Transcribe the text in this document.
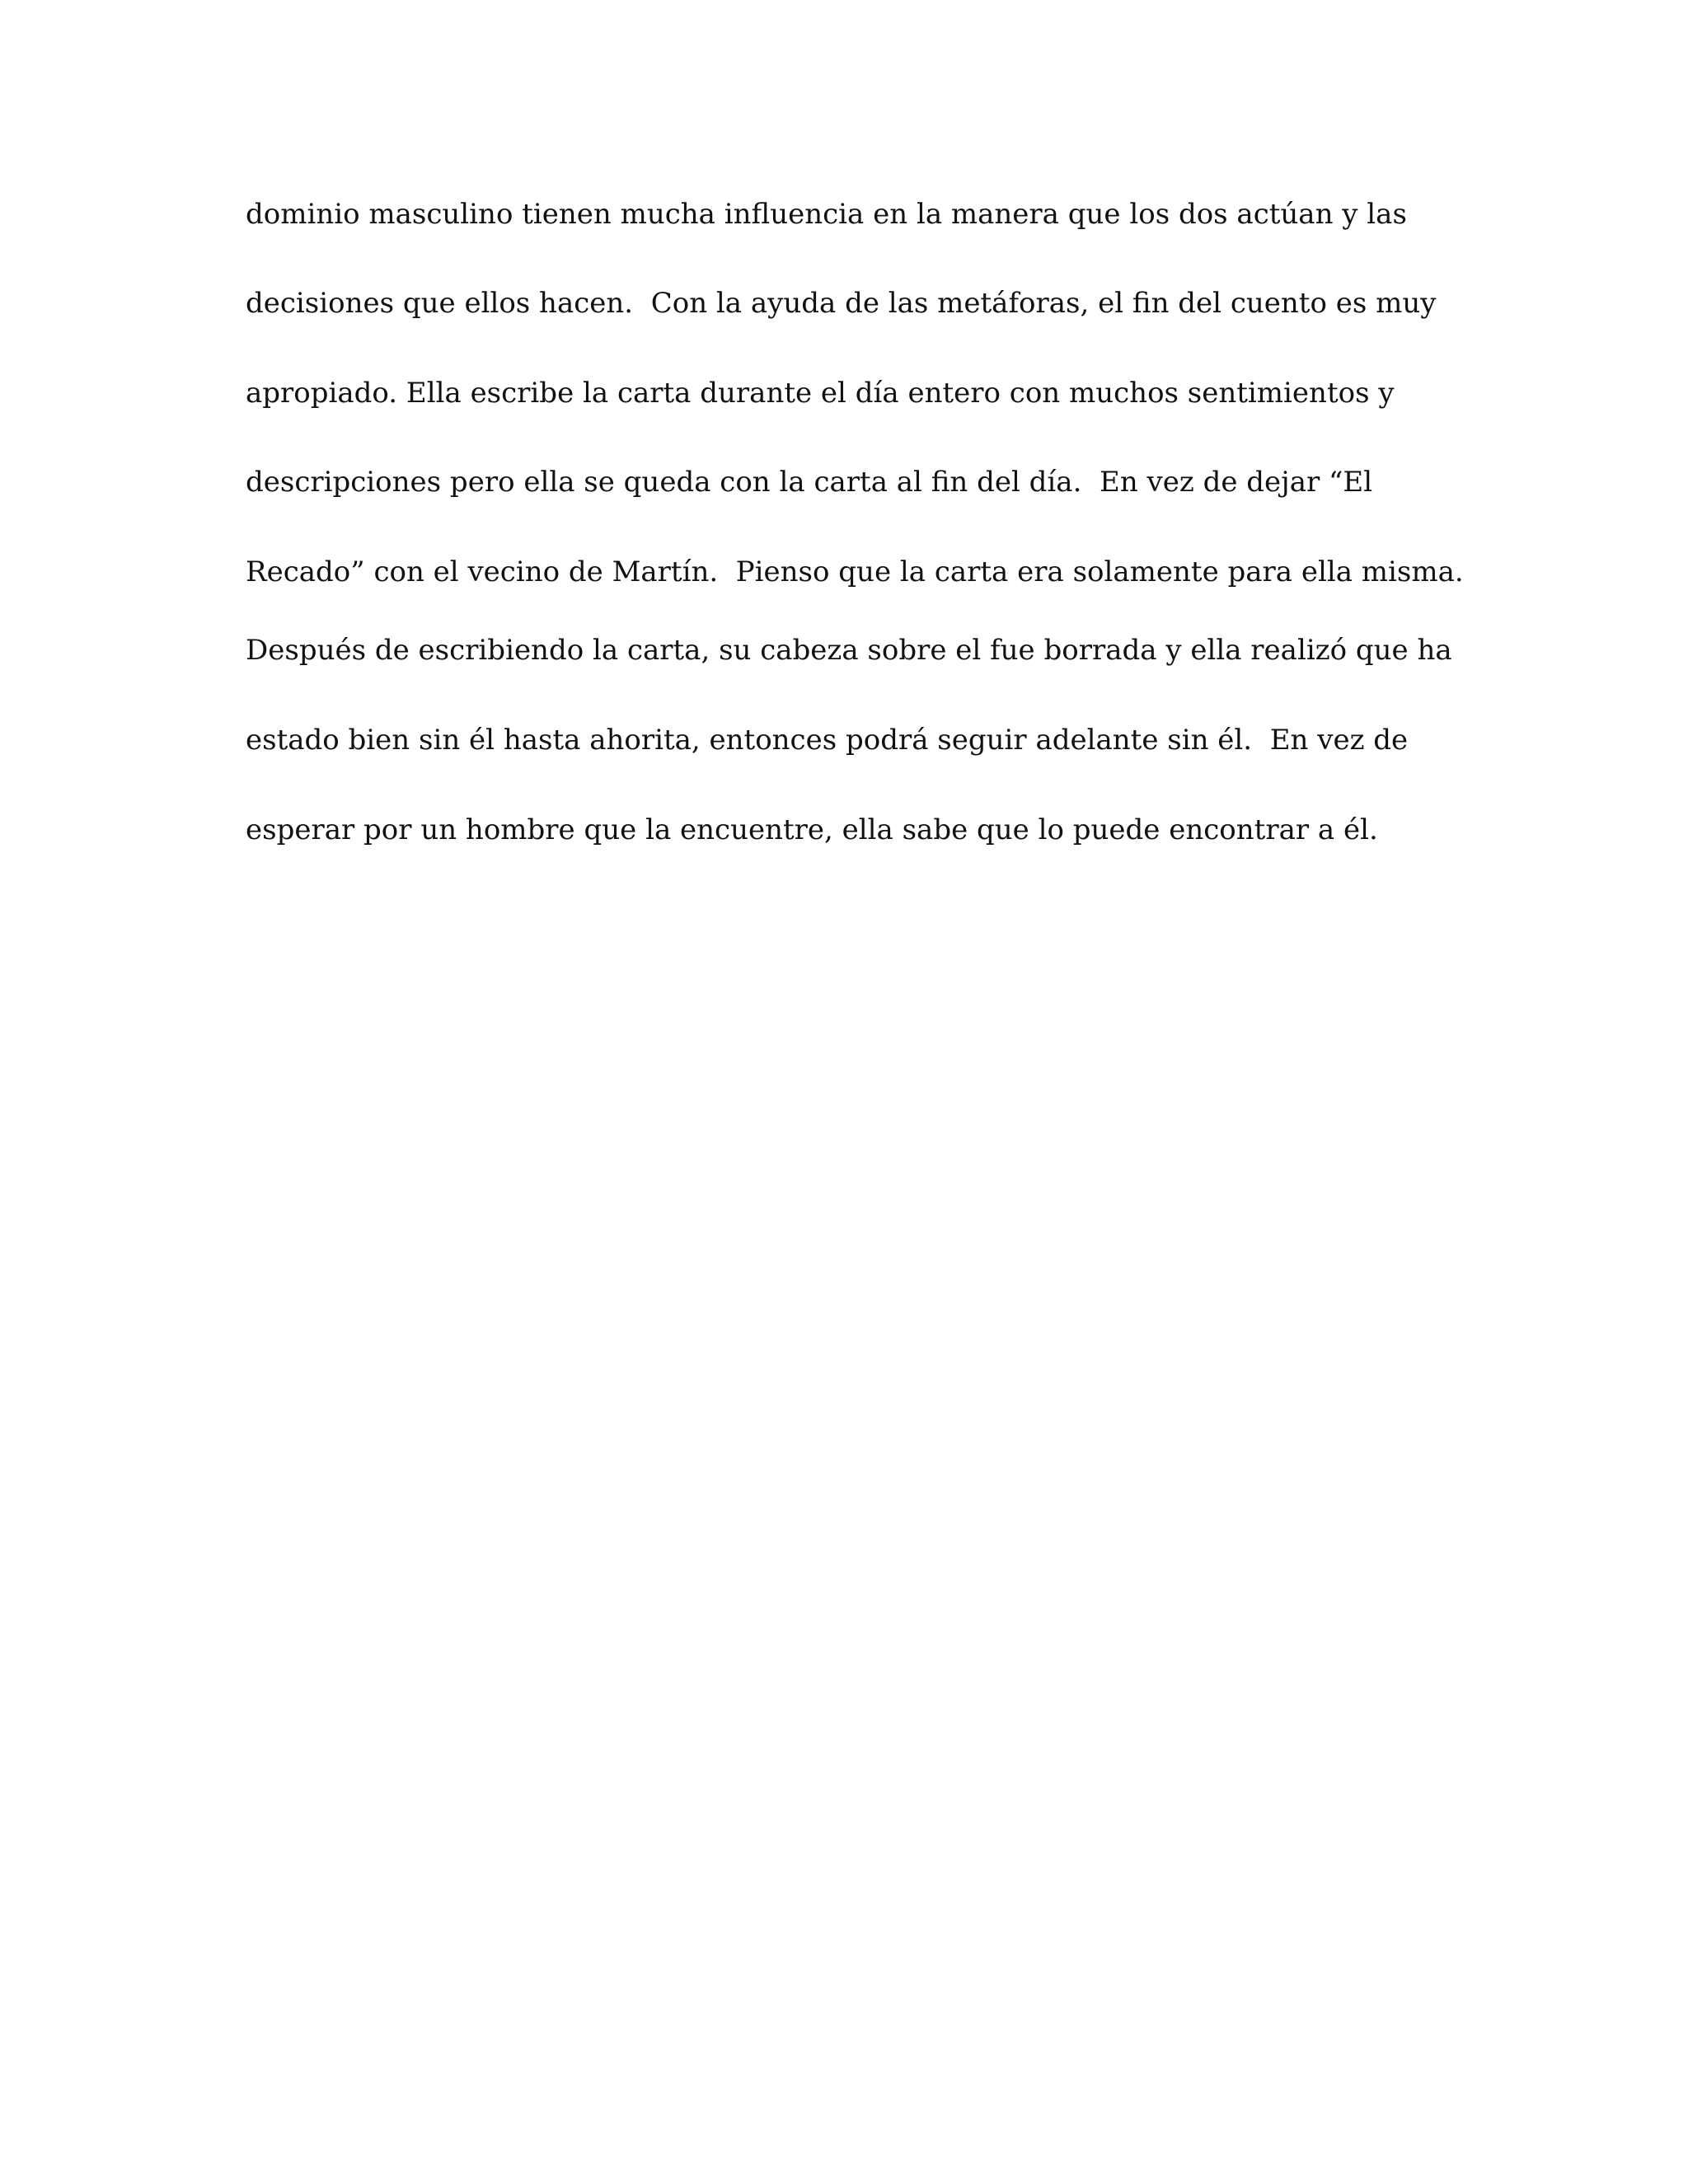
dominio masculino tienen mucha influencia en la manera que los dos actúan y las

decisiones que ellos hacen.  Con la ayuda de las metáforas, el fin del cuento es muy

apropiado. Ella escribe la carta durante el día entero con muchos sentimientos y

descripciones pero ella se queda con la carta al fin del día.  En vez de dejar “El

Recado” con el vecino de Martín.  Pienso que la carta era solamente para ella misma.

Después de escribiendo la carta, su cabeza sobre el fue borrada y ella realizó que ha

estado bien sin él hasta ahorita, entonces podrá seguir adelante sin él.  En vez de

esperar por un hombre que la encuentre, ella sabe que lo puede encontrar a él.
